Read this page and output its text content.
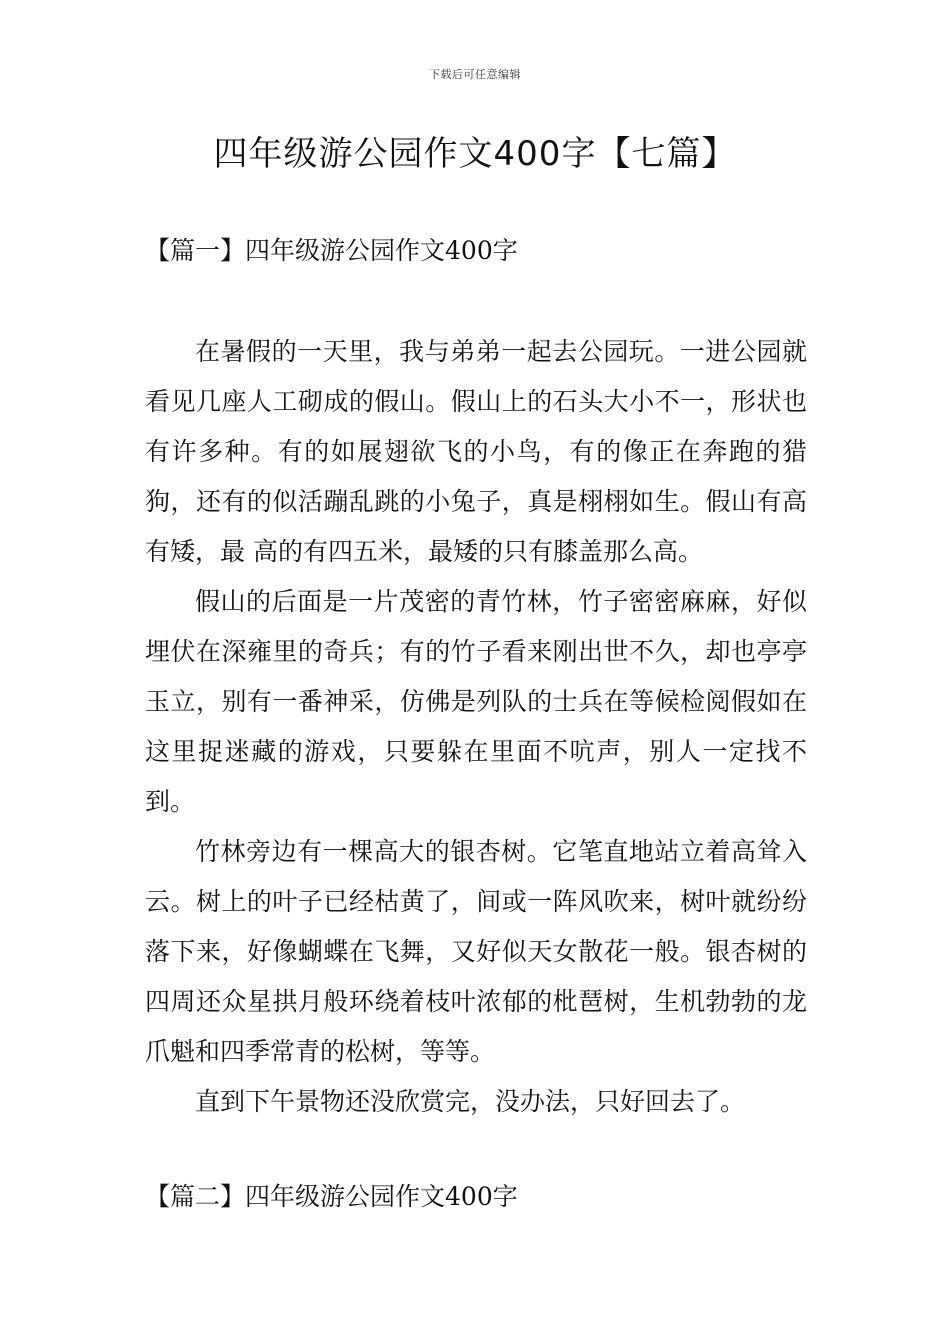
下载后可任意编辑
四年级游公园作文400字【七篇】
【篇一】四年级游公园作文400字

在暑假的一天里，我与弟弟一起去公园玩。一进公园就看见几座人工砌成的假山。假山上的石头大小不一，形状也有许多种。有的如展翅欲飞的小鸟，有的像正在奔跑的猎狗，还有的似活蹦乱跳的小兔子，真是栩栩如生。假山有高有矮，最 高的有四五米，最矮的只有膝盖那么高。

假山的后面是一片茂密的青竹林，竹子密密麻麻，好似埋伏在深雍里的奇兵；有的竹子看来刚出世不久，却也亭亭玉立，别有一番神采，仿佛是列队的士兵在等候检阅假如在这里捉迷藏的游戏，只要躲在里面不吭声，别人一定找不到。

竹林旁边有一棵高大的银杏树。它笔直地站立着高耸入云。树上的叶子已经枯黄了，间或一阵风吹来，树叶就纷纷落下来，好像蝴蝶在飞舞，又好似天女散花一般。银杏树的四周还众星拱月般环绕着枝叶浓郁的枇琶树，生机勃勃的龙爪魁和四季常青的松树，等等。

直到下午景物还没欣赏完，没办法，只好回去了。

【篇二】四年级游公园作文400字
